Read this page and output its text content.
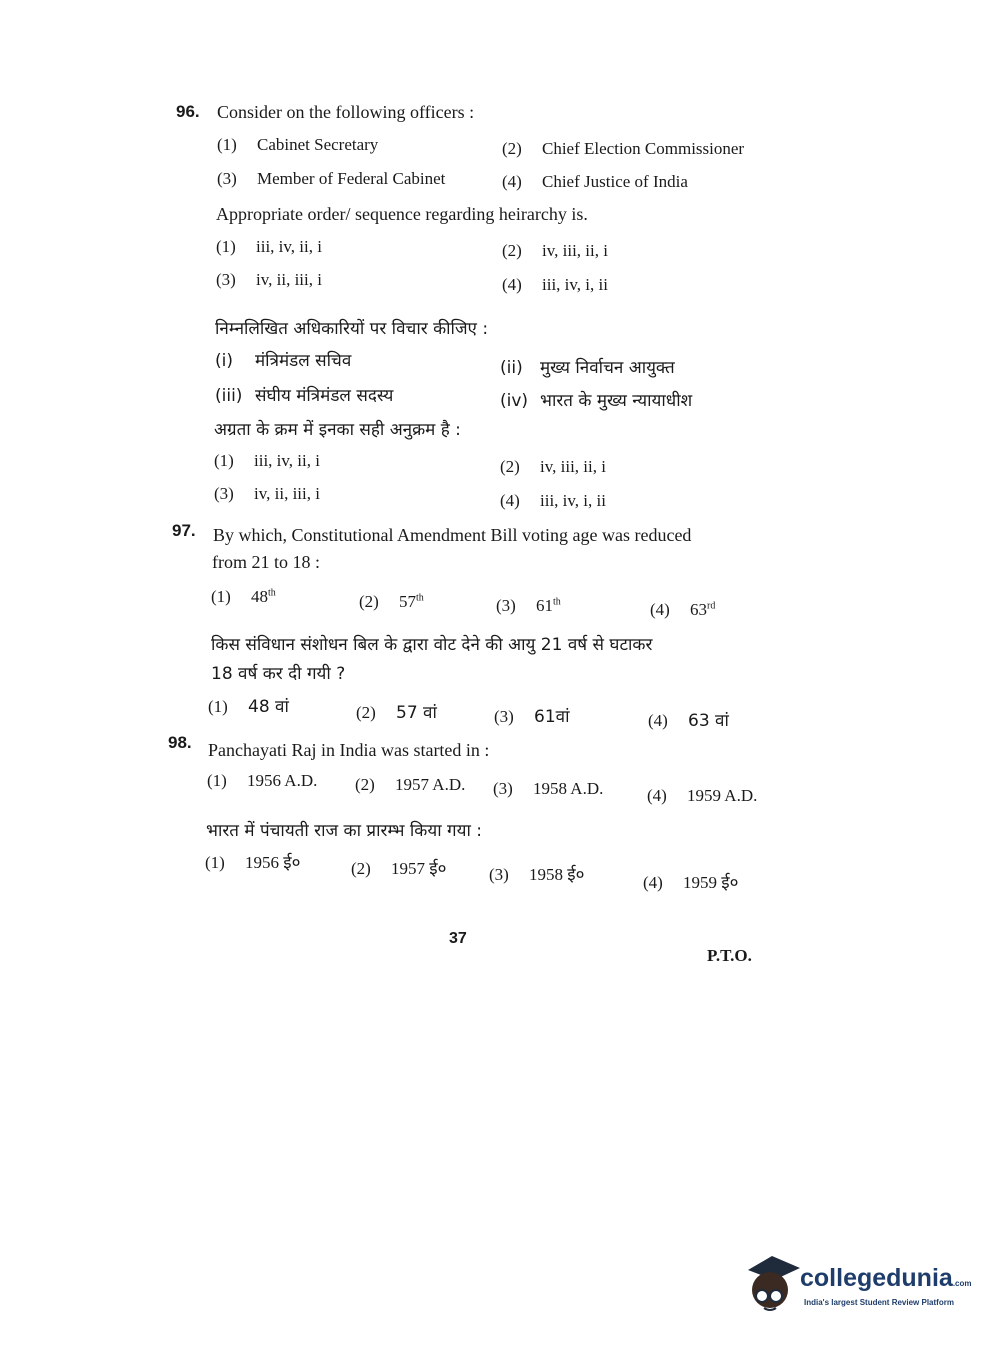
96. Consider on the following officers :
(1) Cabinet Secretary	(2) Chief Election Commissioner
(3) Member of Federal Cabinet	(4) Chief Justice of India
Appropriate order/ sequence regarding heirarchy is.
(1) iii, iv, ii, i	(2) iv, iii, ii, i
(3) iv, ii, iii, i	(4) iii, iv, i, ii
निम्नलिखित अधिकारियों पर विचार कीजिए :
(i) मंत्रिमंडल सचिव	(ii) मुख्य निर्वाचन आयुक्त
(iii) संघीय मंत्रिमंडल सदस्य	(iv) भारत के मुख्य न्यायाधीश
अग्रता के क्रम में इनका सही अनुक्रम है :
(1) iii, iv, ii, i	(2) iv, iii, ii, i
(3) iv, ii, iii, i	(4) iii, iv, i, ii
97. By which, Constitutional Amendment Bill voting age was reduced
from 21 to 18 :
(1) 48th	(2) 57th	(3) 61th	(4) 63rd
किस संविधान संशोधन बिल के द्वारा वोट देने की आयु 21 वर्ष से घटाकर
18 वर्ष कर दी गयी ?
(1) 48 वां	(2) 57 वां	(3) 61वां	(4) 63 वां
98. Panchayati Raj in India was started in :
(1) 1956 A.D. (2) 1957 A.D. (3) 1958 A.D.	(4) 1959 A.D.
भारत में पंचायती राज का प्रारम्भ किया गया :
(1) 1956 ई०	(2) 1957 ई०	(3) 1958 ई०	(4) 1959 ई०
37
P.T.O.
collegedunia.com
India's largest Student Review Platform
